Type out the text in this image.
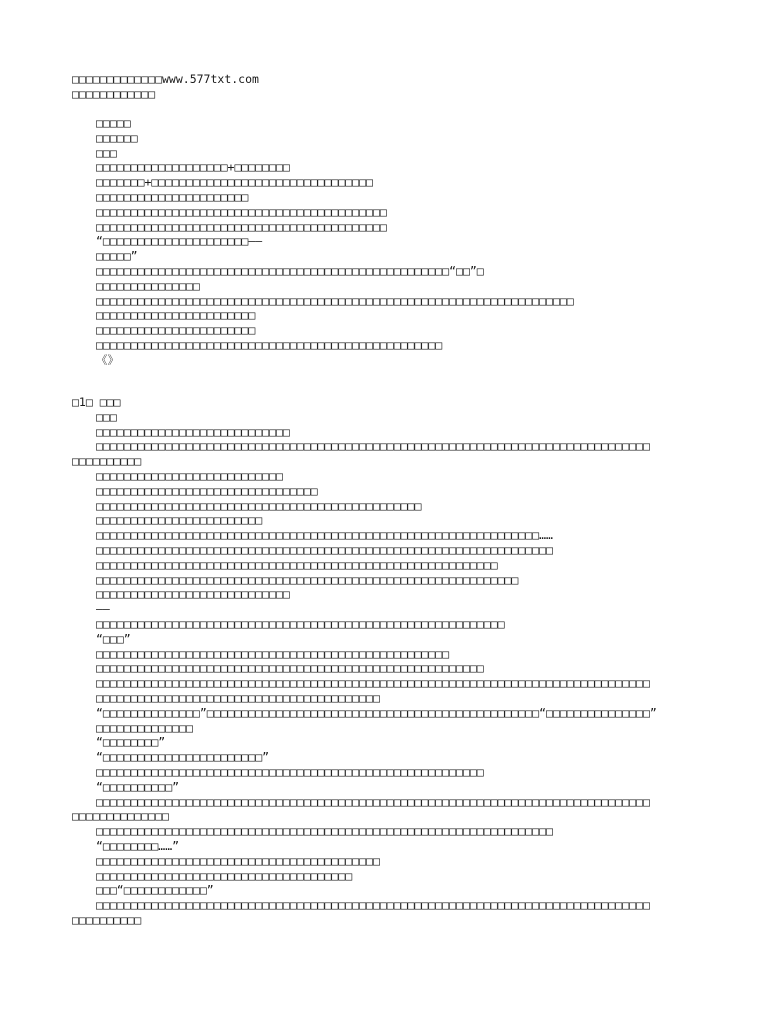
□□□□□□□□□□□□□www.577txt.com
□□□□□□□□□□□□
□□□□□
□□□□□□
□□□
□□□□□□□□□□□□□□□□□□□+□□□□□□□□
□□□□□□□+□□□□□□□□□□□□□□□□□□□□□□□□□□□□□□□□
□□□□□□□□□□□□□□□□□□□□□□
□□□□□□□□□□□□□□□□□□□□□□□□□□□□□□□□□□□□□□□□□□
□□□□□□□□□□□□□□□□□□□□□□□□□□□□□□□□□□□□□□□□□□
“□□□□□□□□□□□□□□□□□□□□□——
□□□□□”
□□□□□□□□□□□□□□□□□□□□□□□□□□□□□□□□□□□□□□□□□□□□□□□□□□□“□□”□
□□□□□□□□□□□□□□□
□□□□□□□□□□□□□□□□□□□□□□□□□□□□□□□□□□□□□□□□□□□□□□□□□□□□□□□□□□□□□□□□□□□□□
□□□□□□□□□□□□□□□□□□□□□□□
□□□□□□□□□□□□□□□□□□□□□□□
□□□□□□□□□□□□□□□□□□□□□□□□□□□□□□□□□□□□□□□□□□□□□□□□□□
《》
□1□ □□□
□□□
□□□□□□□□□□□□□□□□□□□□□□□□□□□□
□□□□□□□□□□□□□□□□□□□□□□□□□□□□□□□□□□□□□□□□□□□□□□□□□□□□□□□□□□□□□□□□□□□□□□□□□□□□□□□□
□□□□□□□□□□
□□□□□□□□□□□□□□□□□□□□□□□□□□□
□□□□□□□□□□□□□□□□□□□□□□□□□□□□□□□□
□□□□□□□□□□□□□□□□□□□□□□□□□□□□□□□□□□□□□□□□□□□□□□□
□□□□□□□□□□□□□□□□□□□□□□□□
□□□□□□□□□□□□□□□□□□□□□□□□□□□□□□□□□□□□□□□□□□□□□□□□□□□□□□□□□□□□□□□□……
□□□□□□□□□□□□□□□□□□□□□□□□□□□□□□□□□□□□□□□□□□□□□□□□□□□□□□□□□□□□□□□□□□
□□□□□□□□□□□□□□□□□□□□□□□□□□□□□□□□□□□□□□□□□□□□□□□□□□□□□□□□□□
□□□□□□□□□□□□□□□□□□□□□□□□□□□□□□□□□□□□□□□□□□□□□□□□□□□□□□□□□□□□□
□□□□□□□□□□□□□□□□□□□□□□□□□□□□
——
□□□□□□□□□□□□□□□□□□□□□□□□□□□□□□□□□□□□□□□□□□□□□□□□□□□□□□□□□□□
“□□□”
□□□□□□□□□□□□□□□□□□□□□□□□□□□□□□□□□□□□□□□□□□□□□□□□□□□
□□□□□□□□□□□□□□□□□□□□□□□□□□□□□□□□□□□□□□□□□□□□□□□□□□□□□□□□
□□□□□□□□□□□□□□□□□□□□□□□□□□□□□□□□□□□□□□□□□□□□□□□□□□□□□□□□□□□□□□□□□□□□□□□□□□□□□□□□
□□□□□□□□□□□□□□□□□□□□□□□□□□□□□□□□□□□□□□□□□
“□□□□□□□□□□□□□□”□□□□□□□□□□□□□□□□□□□□□□□□□□□□□□□□□□□□□□□□□□□□□□□□“□□□□□□□□□□□□□□□”
□□□□□□□□□□□□□□
“□□□□□□□□”
“□□□□□□□□□□□□□□□□□□□□□□□”
□□□□□□□□□□□□□□□□□□□□□□□□□□□□□□□□□□□□□□□□□□□□□□□□□□□□□□□□
“□□□□□□□□□□”
□□□□□□□□□□□□□□□□□□□□□□□□□□□□□□□□□□□□□□□□□□□□□□□□□□□□□□□□□□□□□□□□□□□□□□□□□□□□□□□□
□□□□□□□□□□□□□□
□□□□□□□□□□□□□□□□□□□□□□□□□□□□□□□□□□□□□□□□□□□□□□□□□□□□□□□□□□□□□□□□□□
“□□□□□□□□……”
□□□□□□□□□□□□□□□□□□□□□□□□□□□□□□□□□□□□□□□□□
□□□□□□□□□□□□□□□□□□□□□□□□□□□□□□□□□□□□□
□□□“□□□□□□□□□□□□”
□□□□□□□□□□□□□□□□□□□□□□□□□□□□□□□□□□□□□□□□□□□□□□□□□□□□□□□□□□□□□□□□□□□□□□□□□□□□□□□□
□□□□□□□□□□
